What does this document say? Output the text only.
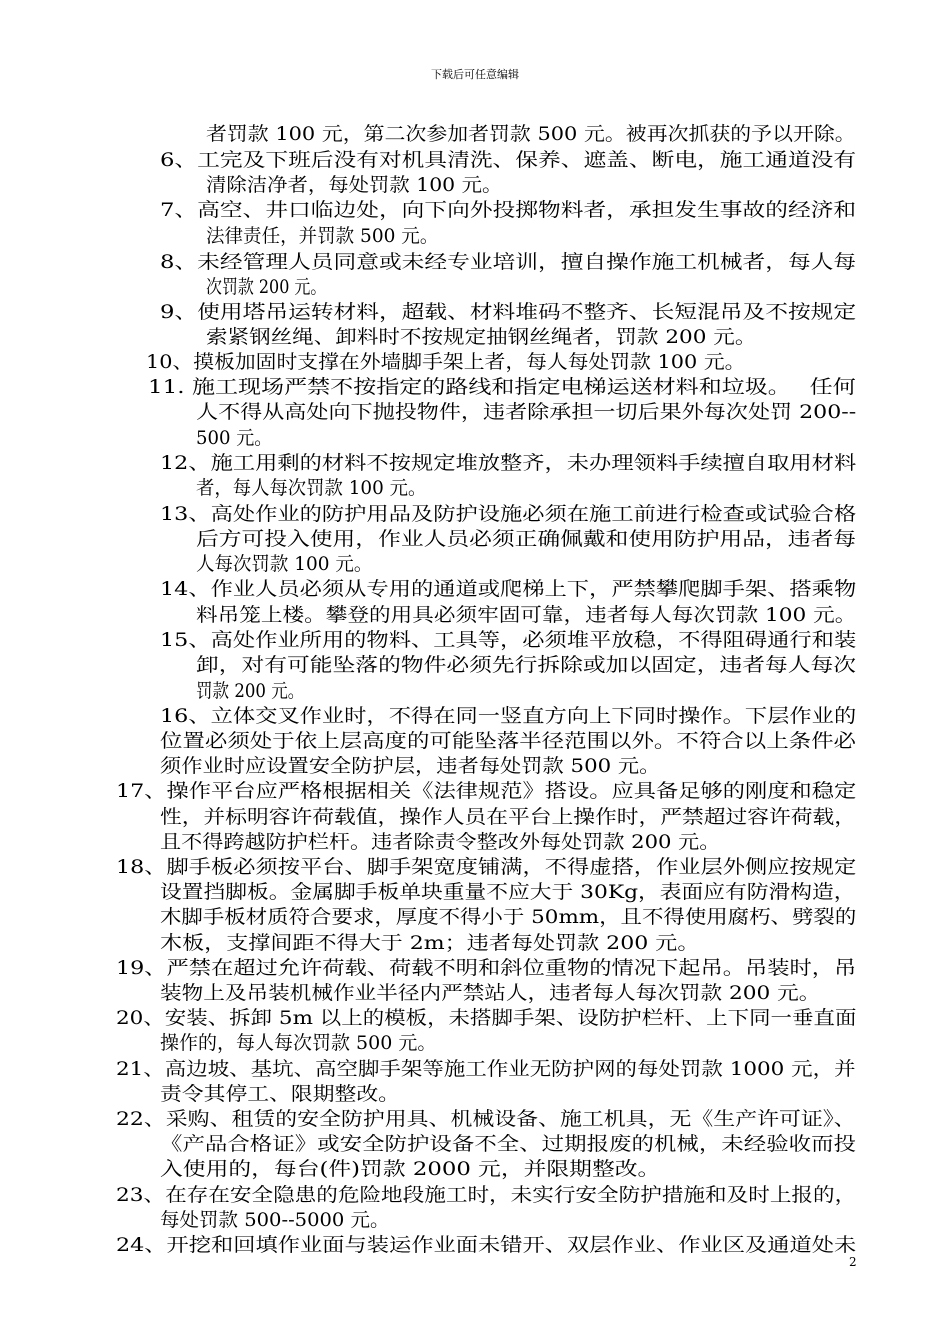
下载后可任意编辑
者罚款 100 元，第二次参加者罚款 500 元。被再次抓获的予以开除。
6、工完及下班后没有对机具清洗、保养、遮盖、断电，施工通道没有
清除洁净者，每处罚款 100 元。
7、高空、井口临边处，向下向外投掷物料者，承担发生事故的经济和
法律责任，并罚款 500 元。
8、未经管理人员同意或未经专业培训，擅自操作施工机械者，每人每
次罚款 200 元。
9、使用塔吊运转材料，超载、材料堆码不整齐、长短混吊及不按规定
索紧钢丝绳、卸料时不按规定抽钢丝绳者，罚款 200 元。
10、摸板加固时支撑在外墙脚手架上者，每人每处罚款 100 元。
11. 施工现场严禁不按指定的路线和指定电梯运送材料和垃圾。　 任何
人不得从高处向下抛投物件，违者除承担一切后果外每次处罚 200--
500 元。
12、施工用剩的材料不按规定堆放整齐，未办理领料手续擅自取用材料
者，每人每次罚款 100 元。
13、高处作业的防护用品及防护设施必须在施工前进行检查或试验合格
后方可投入使用，作业人员必须正确佩戴和使用防护用品，违者每
人每次罚款 100 元。
14、作业人员必须从专用的通道或爬梯上下，严禁攀爬脚手架、搭乘物
料吊笼上楼。攀登的用具必须牢固可靠，违者每人每次罚款 100 元。
15、高处作业所用的物料、工具等，必须堆平放稳，不得阻碍通行和装
卸，对有可能坠落的物件必须先行拆除或加以固定，违者每人每次
罚款 200 元。
16、立体交叉作业时，不得在同一竖直方向上下同时操作。下层作业的
位置必须处于依上层高度的可能坠落半径范围以外。不符合以上条件必
须作业时应设置安全防护层，违者每处罚款 500 元。
17、操作平台应严格根据相关《法律规范》搭设。应具备足够的刚度和稳定
性，并标明容许荷载值，操作人员在平台上操作时，严禁超过容许荷载，
且不得跨越防护栏杆。违者除责令整改外每处罚款 200 元。
18、脚手板必须按平台、脚手架宽度铺满，不得虚搭，作业层外侧应按规定
设置挡脚板。金属脚手板单块重量不应大于 30Kg，表面应有防滑构造，
木脚手板材质符合要求，厚度不得小于 50mm，且不得使用腐朽、劈裂的
木板，支撑间距不得大于 2m；违者每处罚款 200 元。
19、严禁在超过允许荷载、荷载不明和斜位重物的情况下起吊。吊装时，吊
装物上及吊装机械作业半径内严禁站人，违者每人每次罚款 200 元。
20、安装、拆卸 5m 以上的模板，未搭脚手架、设防护栏杆、上下同一垂直面
操作的，每人每次罚款 500 元。
21、高边坡、基坑、高空脚手架等施工作业无防护网的每处罚款 1000 元，并
责令其停工、限期整改。
22、采购、租赁的安全防护用具、机械设备、施工机具，无《生产许可证》、
《产品合格证》或安全防护设备不全、过期报废的机械，未经验收而投
入使用的，每台(件)罚款 2000 元，并限期整改。
23、在存在安全隐患的危险地段施工时，未实行安全防护措施和及时上报的，
每处罚款 500--5000 元。
24、开挖和回填作业面与装运作业面未错开、双层作业、作业区及通道处未
2
